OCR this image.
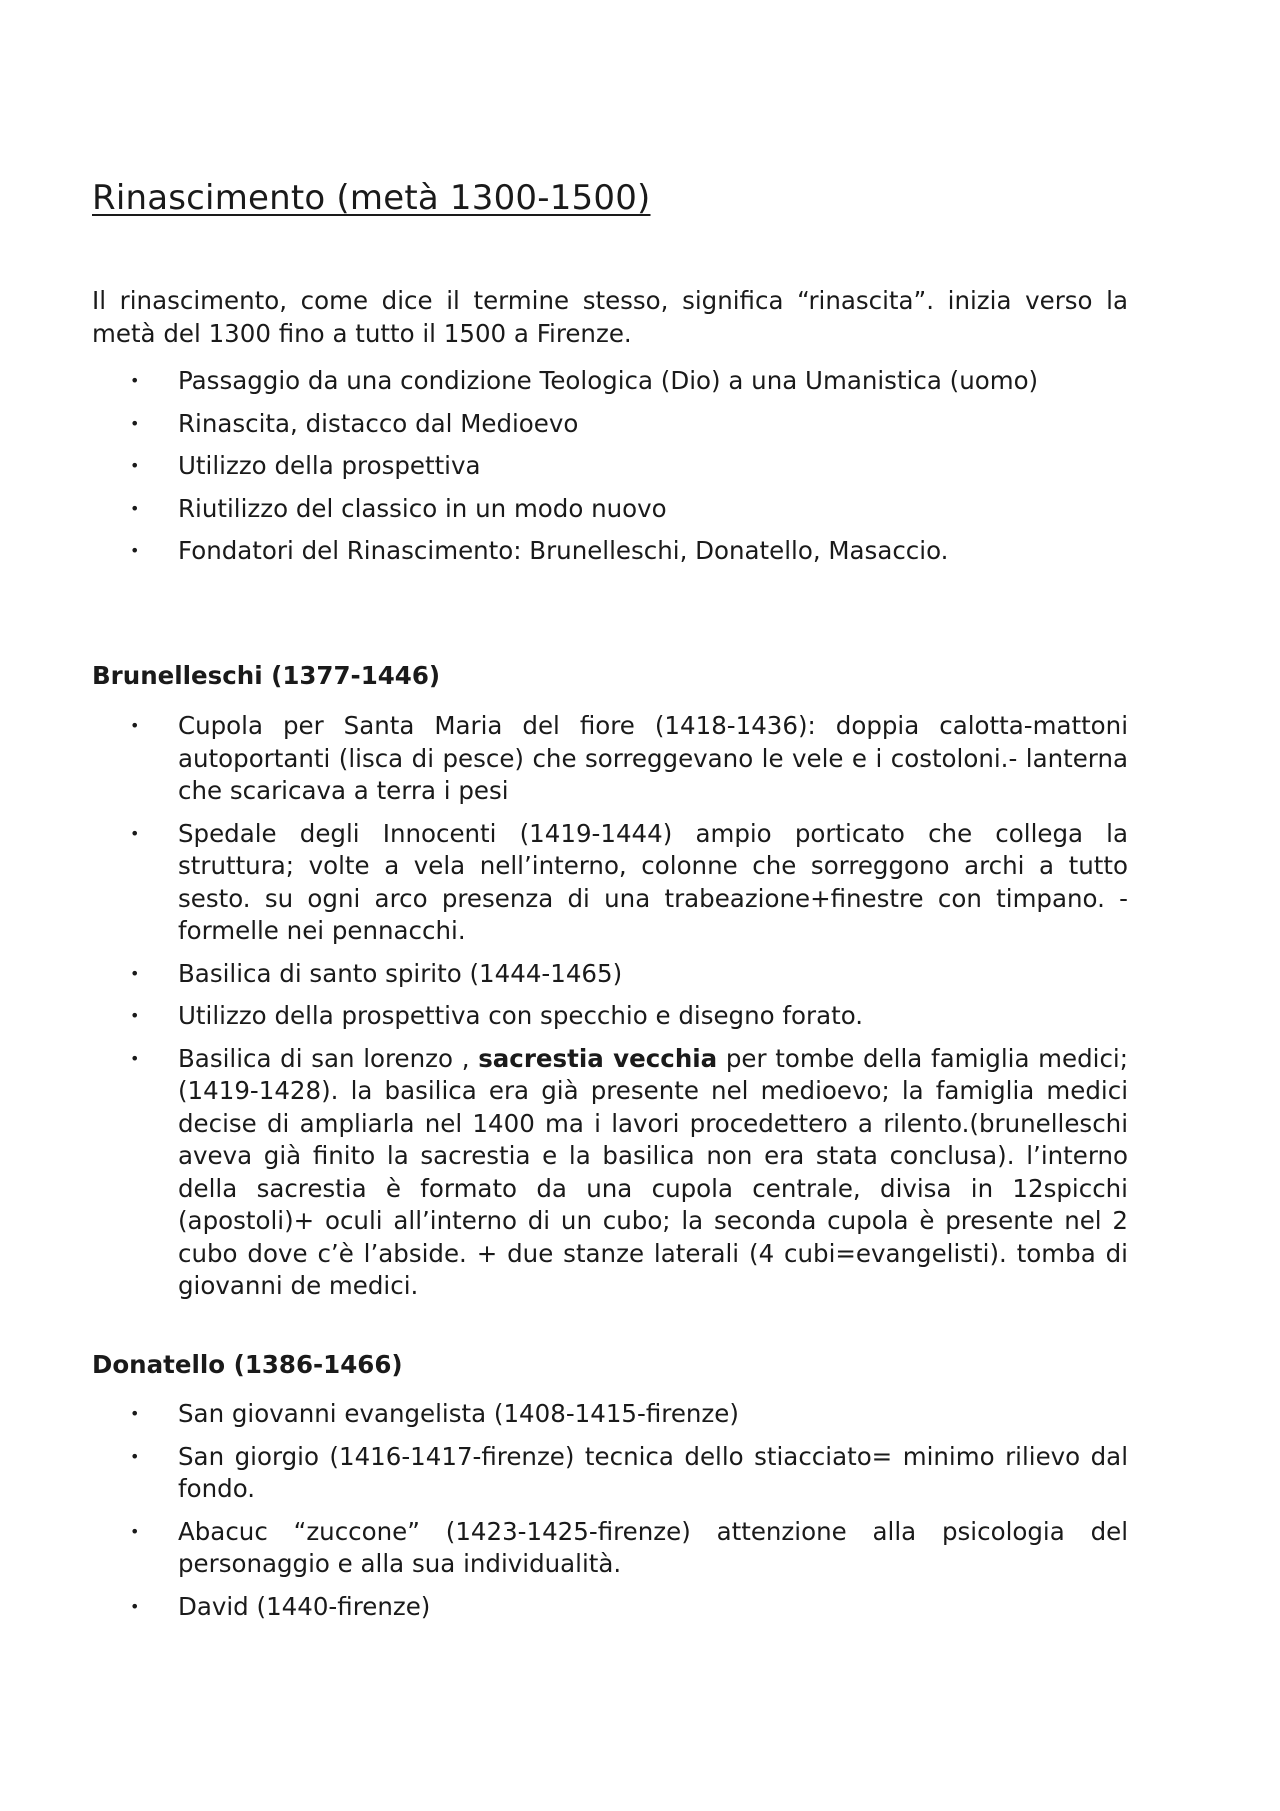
Rinascimento (metà 1300-1500)

Il rinascimento, come dice il termine stesso, significa “rinascita”. inizia verso la metà del 1300 fino a tutto il 1500 a Firenze.

• Passaggio da una condizione Teologica (Dio) a una Umanistica (uomo)
• Rinascita, distacco dal Medioevo
• Utilizzo della prospettiva
• Riutilizzo del classico in un modo nuovo
• Fondatori del Rinascimento: Brunelleschi, Donatello, Masaccio.
Brunelleschi (1377-1446)
• Cupola per Santa Maria del fiore (1418-1436): doppia calotta-mattoni autoportanti (lisca di pesce) che sorreggevano le vele e i costoloni.- lanterna che scaricava a terra i pesi
• Spedale degli Innocenti (1419-1444) ampio porticato che collega la struttura; volte a vela nell’interno, colonne che sorreggono archi a tutto sesto. su ogni arco presenza di una trabeazione+finestre con timpano. - formelle nei pennacchi.
• Basilica di santo spirito (1444-1465)
• Utilizzo della prospettiva con specchio e disegno forato.
• Basilica di san lorenzo , sacrestia vecchia per tombe della famiglia medici; (1419-1428). la basilica era già presente nel medioevo; la famiglia medici decise di ampliarla nel 1400 ma i lavori procedettero a rilento.(brunelleschi aveva già finito la sacrestia e la basilica non era stata conclusa). l’interno della sacrestia è formato da una cupola centrale, divisa in 12spicchi (apostoli)+ oculi all’interno di un cubo; la seconda cupola è presente nel 2 cubo dove c’è l’abside. + due stanze laterali (4 cubi=evangelisti). tomba di giovanni de medici.
Donatello (1386-1466)
• San giovanni evangelista (1408-1415-firenze)
• San giorgio (1416-1417-firenze) tecnica dello stiacciato= minimo rilievo dal fondo.
• Abacuc “zuccone” (1423-1425-firenze) attenzione alla psicologia del personaggio e alla sua individualità.
• David (1440-firenze)
